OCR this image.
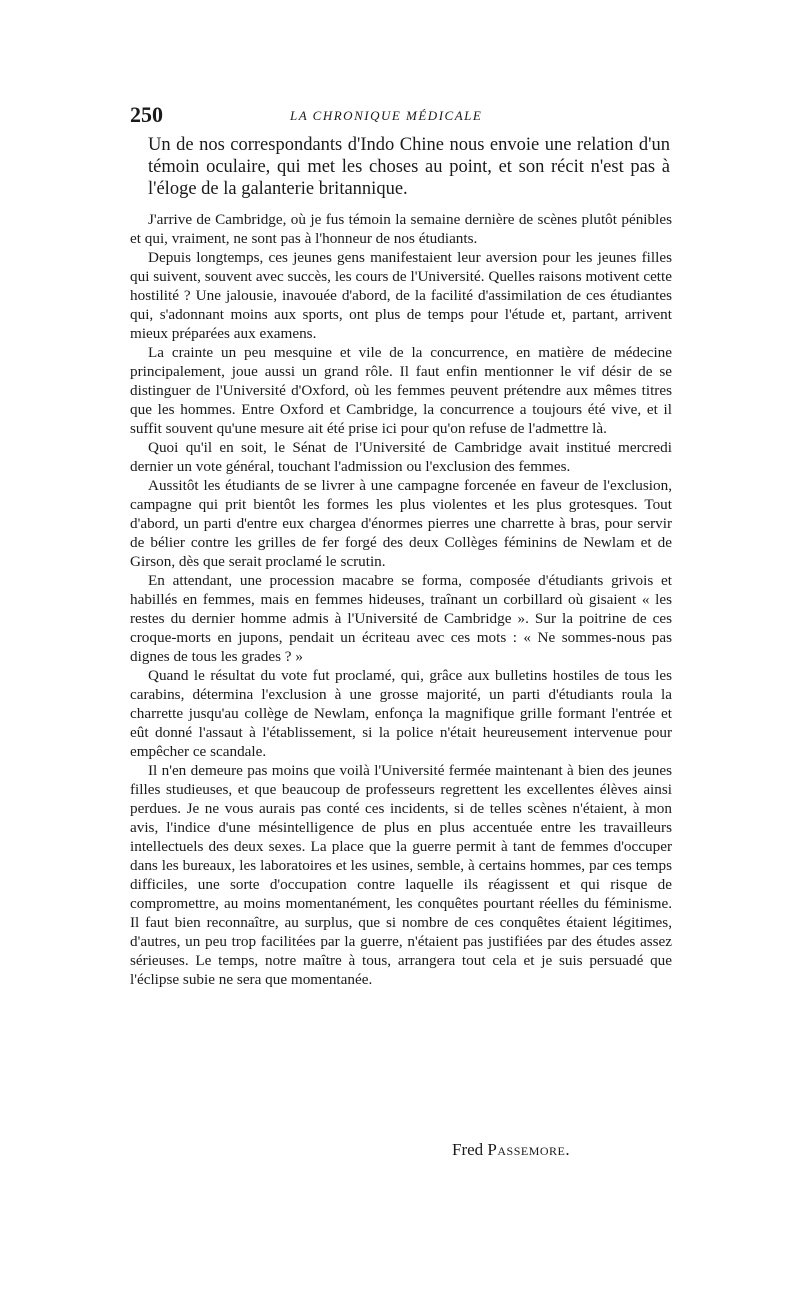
250	LA CHRONIQUE MÉDICALE
Un de nos correspondants d'Indo Chine nous envoie une relation d'un témoin oculaire, qui met les choses au point, et son récit n'est pas à l'éloge de la galanterie britannique.

J'arrive de Cambridge, où je fus témoin la semaine dernière de scènes plutôt pénibles et qui, vraiment, ne sont pas à l'honneur de nos étudiants.

Depuis longtemps, ces jeunes gens manifestaient leur aversion pour les jeunes filles qui suivent, souvent avec succès, les cours de l'Université. Quelles raisons motivent cette hostilité ? Une jalousie, inavouée d'abord, de la facilité d'assimilation de ces étudiantes qui, s'adonnant moins aux sports, ont plus de temps pour l'étude et, partant, arrivent mieux préparées aux examens.

La crainte un peu mesquine et vile de la concurrence, en matière de médecine principalement, joue aussi un grand rôle. Il faut enfin mentionner le vif désir de se distinguer de l'Université d'Oxford, où les femmes peuvent prétendre aux mêmes titres que les hommes. Entre Oxford et Cambridge, la concurrence a toujours été vive, et il suffit souvent qu'une mesure ait été prise ici pour qu'on refuse de l'admettre là.

Quoi qu'il en soit, le Sénat de l'Université de Cambridge avait institué mercredi dernier un vote général, touchant l'admission ou l'exclusion des femmes.

Aussitôt les étudiants de se livrer à une campagne forcenée en faveur de l'exclusion, campagne qui prit bientôt les formes les plus violentes et les plus grotesques. Tout d'abord, un parti d'entre eux chargea d'énormes pierres une charrette à bras, pour servir de bélier contre les grilles de fer forgé des deux Collèges féminins de Newlam et de Girson, dès que serait proclamé le scrutin.

En attendant, une procession macabre se forma, composée d'étudiants grivois et habillés en femmes, mais en femmes hideuses, traînant un corbillard où gisaient « les restes du dernier homme admis à l'Université de Cambridge ». Sur la poitrine de ces croque-morts en jupons, pendait un écriteau avec ces mots : « Ne sommes-nous pas dignes de tous les grades ? »

Quand le résultat du vote fut proclamé, qui, grâce aux bulletins hostiles de tous les carabins, détermina l'exclusion à une grosse majorité, un parti d'étudiants roula la charrette jusqu'au collège de Newlam, enfonça la magnifique grille formant l'entrée et eût donné l'assaut à l'établissement, si la police n'était heureusement intervenue pour empêcher ce scandale.

Il n'en demeure pas moins que voilà l'Université fermée maintenant à bien des jeunes filles studieuses, et que beaucoup de professeurs regrettent les excellentes élèves ainsi perdues. Je ne vous aurais pas conté ces incidents, si de telles scènes n'étaient, à mon avis, l'indice d'une mésintelligence de plus en plus accentuée entre les travailleurs intellectuels des deux sexes. La place que la guerre permit à tant de femmes d'occuper dans les bureaux, les laboratoires et les usines, semble, à certains hommes, par ces temps difficiles, une sorte d'occupation contre laquelle ils réagissent et qui risque de compromettre, au moins momentanément, les conquêtes pourtant réelles du féminisme. Il faut bien reconnaître, au surplus, que si nombre de ces conquêtes étaient légitimes, d'autres, un peu trop facilitées par la guerre, n'étaient pas justifiées par des études assez sérieuses. Le temps, notre maître à tous, arrangera tout cela et je suis persuadé que l'éclipse subie ne sera que momentanée.

Fred Passemore.
